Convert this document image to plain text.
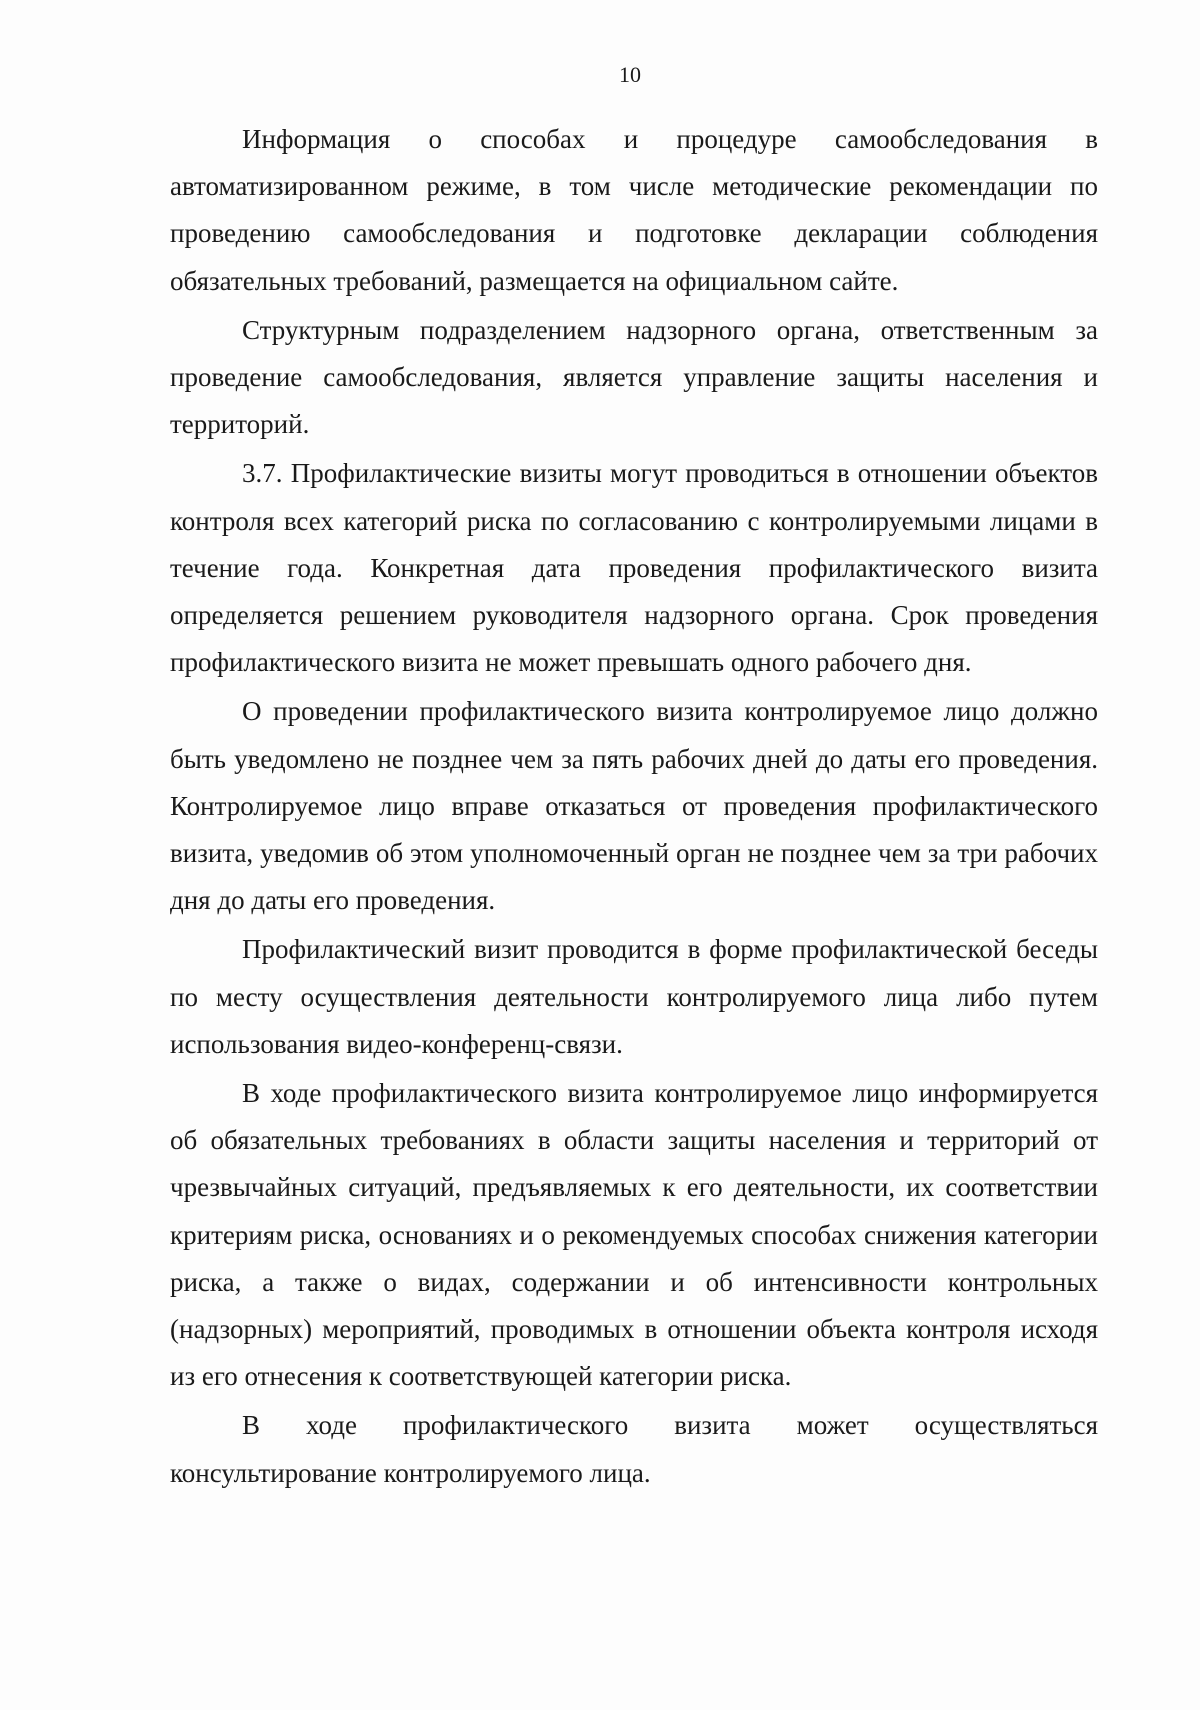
10

Информация о способах и процедуре самообследования в автоматизированном режиме, в том числе методические рекомендации по проведению самообследования и подготовке декларации соблюдения обязательных требований, размещается на официальном сайте.

Структурным подразделением надзорного органа, ответственным за проведение самообследования, является управление защиты населения и территорий.

3.7. Профилактические визиты могут проводиться в отношении объектов контроля всех категорий риска по согласованию с контролируемыми лицами в течение года. Конкретная дата проведения профилактического визита определяется решением руководителя надзорного органа. Срок проведения профилактического визита не может превышать одного рабочего дня.

О проведении профилактического визита контролируемое лицо должно быть уведомлено не позднее чем за пять рабочих дней до даты его проведения. Контролируемое лицо вправе отказаться от проведения профилактического визита, уведомив об этом уполномоченный орган не позднее чем за три рабочих дня до даты его проведения.

Профилактический визит проводится в форме профилактической беседы по месту осуществления деятельности контролируемого лица либо путем использования видео-конференц-связи.

В ходе профилактического визита контролируемое лицо информируется об обязательных требованиях в области защиты населения и территорий от чрезвычайных ситуаций, предъявляемых к его деятельности, их соответствии критериям риска, основаниях и о рекомендуемых способах снижения категории риска, а также о видах, содержании и об интенсивности контрольных (надзорных) мероприятий, проводимых в отношении объекта контроля исходя из его отнесения к соответствующей категории риска.

В ходе профилактического визита может осуществляться консультирование контролируемого лица.
